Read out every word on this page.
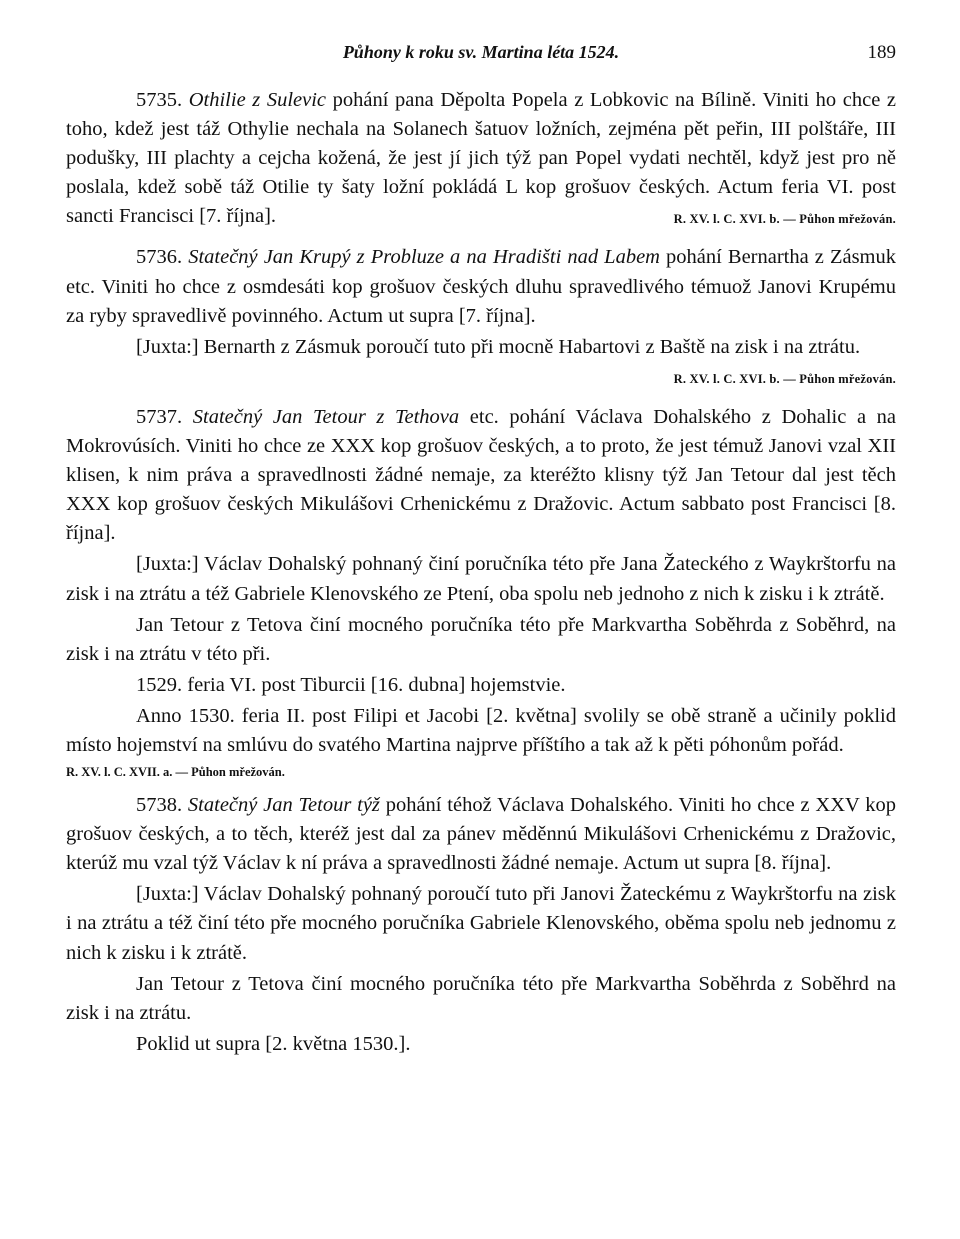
Půhony k roku sv. Martina léta 1524.	189

5735. Othilie z Sulevic pohání pana Děpolta Popela z Lobkovic na Bílině. Viniti ho chce z toho, kdež jest táž Othylie nechala na Solanech šatuov ložních, zejména pět peřin, III polštáře, III podušky, III plachty a cejcha kožená, že jest jí jich týž pan Popel vydati nechtěl, když jest pro ně poslala, kdež sobě táž Otilie ty šaty ložní pokládá L kop grošuov českých. Actum feria VI. post sancti Francisci [7. října].	R. XV. l. C. XVI. b. — Půhon mřežován.

5736. Statečný Jan Krupý z Probluze a na Hradišti nad Labem pohání Bernartha z Zásmuk etc. Viniti ho chce z osmdesáti kop grošuov českých dluhu spravedlivého témuož Janovi Krupému za ryby spravedlivě povinného. Actum ut supra [7. října].

[Juxta:] Bernarth z Zásmuk poroučí tuto při mocně Habartovi z Baště na zisk i na ztrátu.
R. XV. l. C. XVI. b. — Půhon mřežován.

5737. Statečný Jan Tetour z Tethova etc. pohání Václava Dohalského z Dohalic a na Mokrovúsích. Viniti ho chce ze XXX kop grošuov českých, a to proto, že jest témuž Janovi vzal XII klisen, k nim práva a spravedlnosti žádné nemaje, za kteréžto klisny týž Jan Tetour dal jest těch XXX kop grošuov českých Mikulášovi Crhenickému z Dražovic. Actum sabbato post Francisci [8. října].

[Juxta:] Václav Dohalský pohnaný činí poručníka této pře Jana Žateckého z Waykrštorfu na zisk i na ztrátu a též Gabriele Klenovského ze Ptení, oba spolu neb jednoho z nich k zisku i k ztrátě.

Jan Tetour z Tetova činí mocného poručníka této pře Markvartha Soběhrda z Soběhrd, na zisk i na ztrátu v této při.

1529. feria VI. post Tiburcii [16. dubna] hojemstvie.

Anno 1530. feria II. post Filipi et Jacobi [2. května] svolily se obě straně a učinily poklid místo hojemství na smlúvu do svatého Martina najprve příštího a tak až k pěti póhonům pořád.

R. XV. l. C. XVII. a. — Půhon mřežován.

5738. Statečný Jan Tetour týž pohání téhož Václava Dohalského. Viniti ho chce z XXV kop grošuov českých, a to těch, kteréž jest dal za pánev měděnnú Mikulášovi Crhenickému z Dražovic, kterúž mu vzal týž Václav k ní práva a spravedlnosti žádné nemaje. Actum ut supra [8. října].

[Juxta:] Václav Dohalský pohnaný poroučí tuto při Janovi Žateckému z Waykrštorfu na zisk i na ztrátu a též činí této pře mocného poručníka Gabriele Klenovského, oběma spolu neb jednomu z nich k zisku i k ztrátě.

Jan Tetour z Tetova činí mocného poručníka této pře Markvartha Soběhrda z Soběhrd na zisk i na ztrátu.

Poklid ut supra [2. května 1530.].
